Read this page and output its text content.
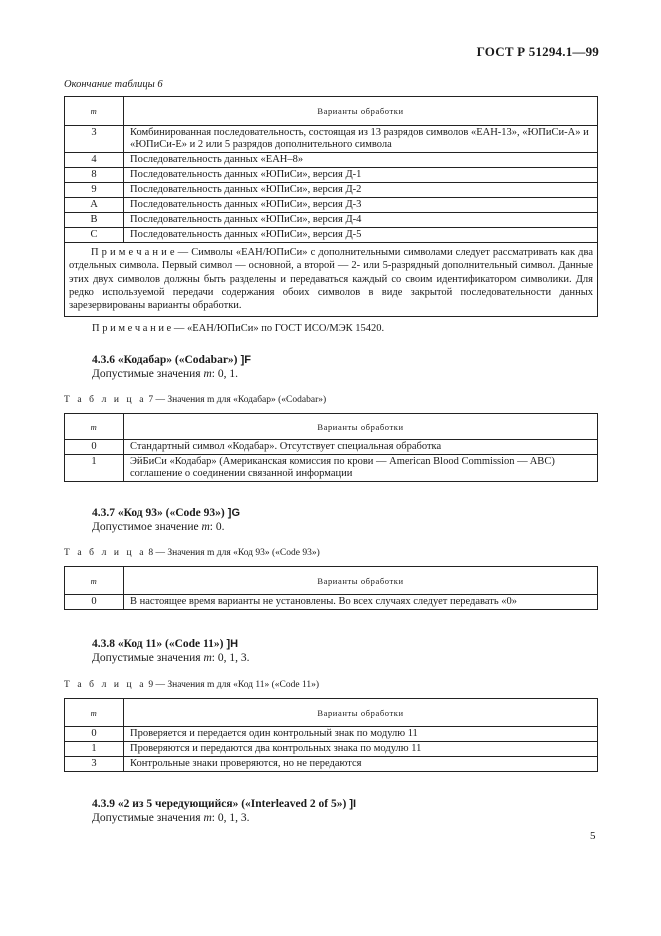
ГОСТ Р 51294.1—99
Окончание таблицы 6
m	Варианты обработки
3	Комбинированная последовательность, состоящая из 13 разрядов символов «ЕАН-13», «ЮПиСи-А» и «ЮПиСи-Е» и 2 или 5 разрядов дополнительного символа
4	Последовательность данных «ЕАН–8»
8	Последовательность данных «ЮПиСи», версия Д-1
9	Последовательность данных «ЮПиСи», версия Д-2
А	Последовательность данных «ЮПиСи», версия Д-3
В	Последовательность данных «ЮПиСи», версия Д-4
С	Последовательность данных «ЮПиСи», версия Д-5
П р и м е ч а н и е — Символы «ЕАН/ЮПиСи» с дополнительными символами следует рассматривать как два отдельных символа. Первый символ — основной, а второй — 2- или 5-разрядный дополнительный символ. Данные этих двух символов должны быть разделены и передаваться каждый со своим идентификатором символики. Для редко используемой передачи содержания обоих символов в виде закрытой последовательности данных зарезервированы варианты обработки.	
П р и м е ч а н и е — «ЕАН/ЮПиСи» по ГОСТ ИСО/МЭК 15420.
4.3.6 «Кодабар» («Codabar») ]F
Допустимые значения m: 0, 1.
Т а б л и ц а 7 — Значения m для «Кодабар» («Codabar»)
m	Варианты обработки
0	Стандартный символ «Кодабар». Отсутствует специальная обработка
1	ЭйБиСи «Кодабар» (Американская комиссия по крови — American Blood Commission — ABC) соглашение о соединении связанной информации
4.3.7 «Код 93» («Code 93») ]G
Допустимое значение m: 0.
Т а б л и ц а 8 — Значения m для «Код 93» («Code 93»)
m	Варианты обработки
0	В настоящее время варианты не установлены. Во всех случаях следует передавать «0»
4.3.8 «Код 11» («Code 11») ]H
Допустимые значения m: 0, 1, 3.
Т а б л и ц а 9 — Значения m для «Код 11» («Code 11»)
m	Варианты обработки
0	Проверяется и передается один контрольный знак по модулю 11
1	Проверяются и передаются два контрольных знака по модулю 11
3	Контрольные знаки проверяются, но не передаются
4.3.9 «2 из 5 чередующийся» («Interleaved 2 of 5») ]I
Допустимые значения m: 0, 1, 3.
5
